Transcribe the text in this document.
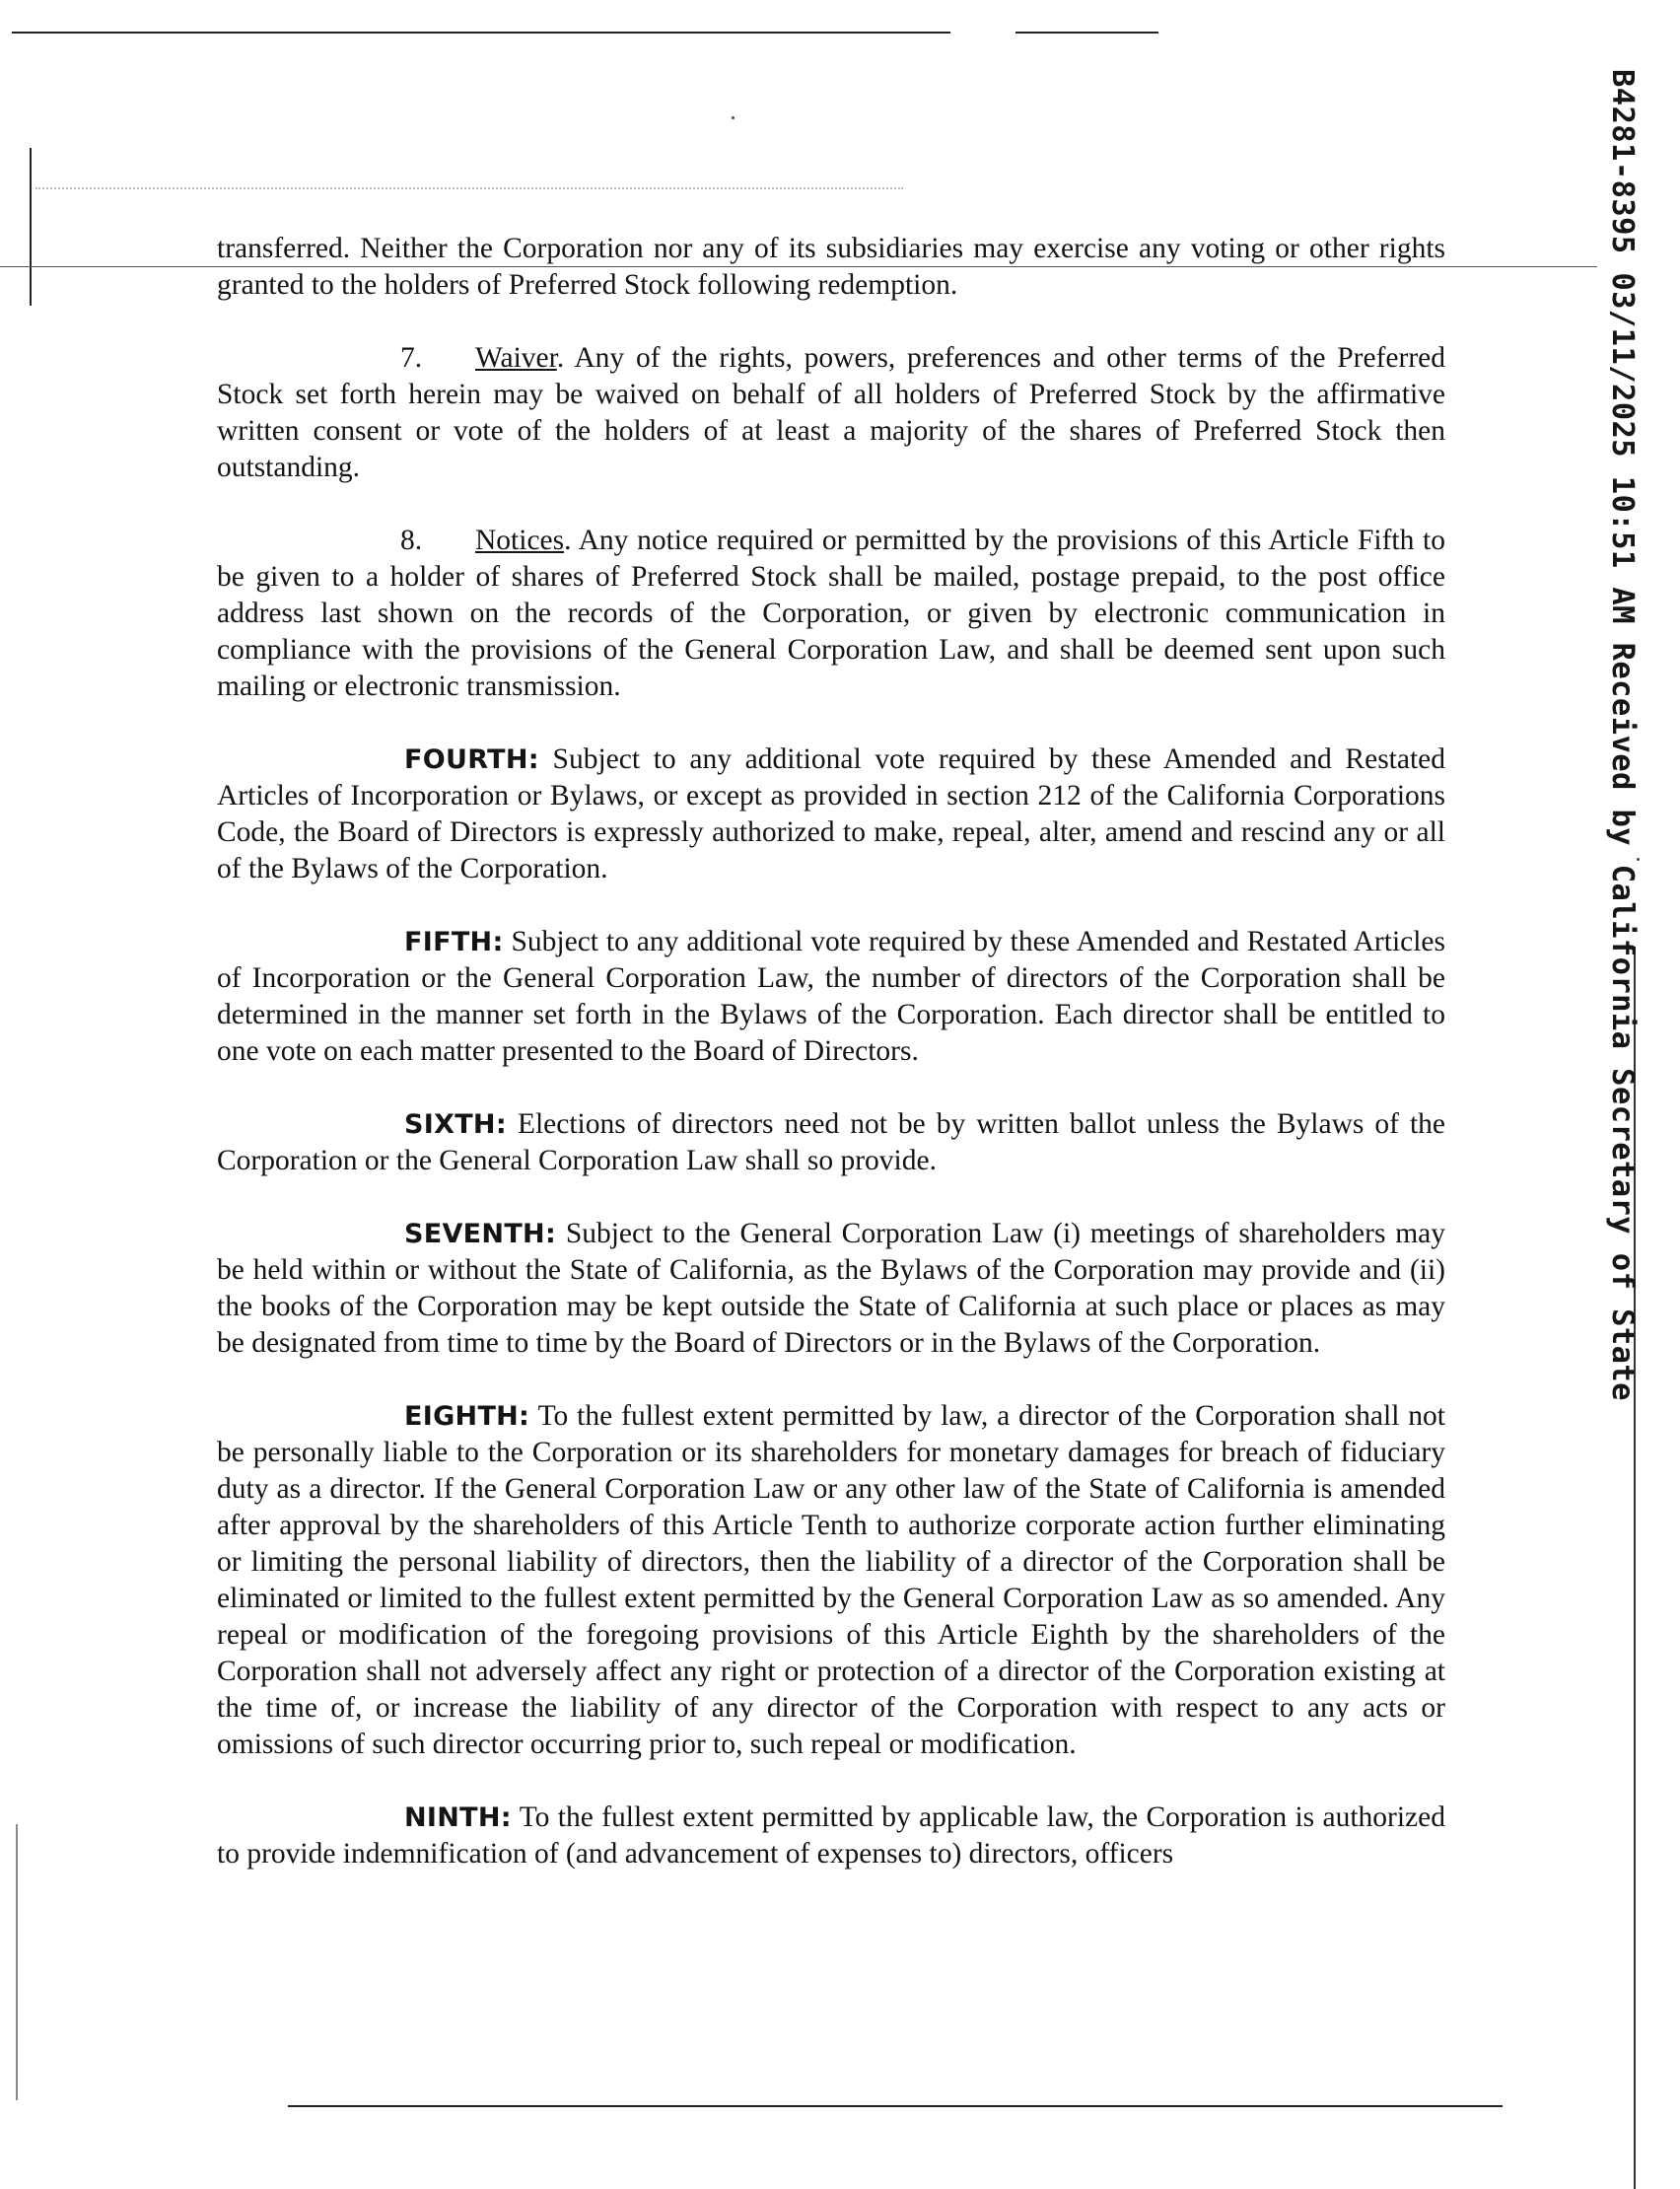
B4281-8395 03/11/2025 10:51 AM Received by California Secretary of State

transferred. Neither the Corporation nor any of its subsidiaries may exercise any voting or other rights granted to the holders of Preferred Stock following redemption.

7. Waiver. Any of the rights, powers, preferences and other terms of the Preferred Stock set forth herein may be waived on behalf of all holders of Preferred Stock by the affirmative written consent or vote of the holders of at least a majority of the shares of Preferred Stock then outstanding.

8. Notices. Any notice required or permitted by the provisions of this Article Fifth to be given to a holder of shares of Preferred Stock shall be mailed, postage prepaid, to the post office address last shown on the records of the Corporation, or given by electronic communication in compliance with the provisions of the General Corporation Law, and shall be deemed sent upon such mailing or electronic transmission.

FOURTH: Subject to any additional vote required by these Amended and Restated Articles of Incorporation or Bylaws, or except as provided in section 212 of the California Corporations Code, the Board of Directors is expressly authorized to make, repeal, alter, amend and rescind any or all of the Bylaws of the Corporation.

FIFTH: Subject to any additional vote required by these Amended and Restated Articles of Incorporation or the General Corporation Law, the number of directors of the Corporation shall be determined in the manner set forth in the Bylaws of the Corporation. Each director shall be entitled to one vote on each matter presented to the Board of Directors.

SIXTH: Elections of directors need not be by written ballot unless the Bylaws of the Corporation or the General Corporation Law shall so provide.

SEVENTH: Subject to the General Corporation Law (i) meetings of shareholders may be held within or without the State of California, as the Bylaws of the Corporation may provide and (ii) the books of the Corporation may be kept outside the State of California at such place or places as may be designated from time to time by the Board of Directors or in the Bylaws of the Corporation.

EIGHTH: To the fullest extent permitted by law, a director of the Corporation shall not be personally liable to the Corporation or its shareholders for monetary damages for breach of fiduciary duty as a director. If the General Corporation Law or any other law of the State of California is amended after approval by the shareholders of this Article Tenth to authorize corporate action further eliminating or limiting the personal liability of directors, then the liability of a director of the Corporation shall be eliminated or limited to the fullest extent permitted by the General Corporation Law as so amended. Any repeal or modification of the foregoing provisions of this Article Eighth by the shareholders of the Corporation shall not adversely affect any right or protection of a director of the Corporation existing at the time of, or increase the liability of any director of the Corporation with respect to any acts or omissions of such director occurring prior to, such repeal or modification.

NINTH: To the fullest extent permitted by applicable law, the Corporation is authorized to provide indemnification of (and advancement of expenses to) directors, officers
